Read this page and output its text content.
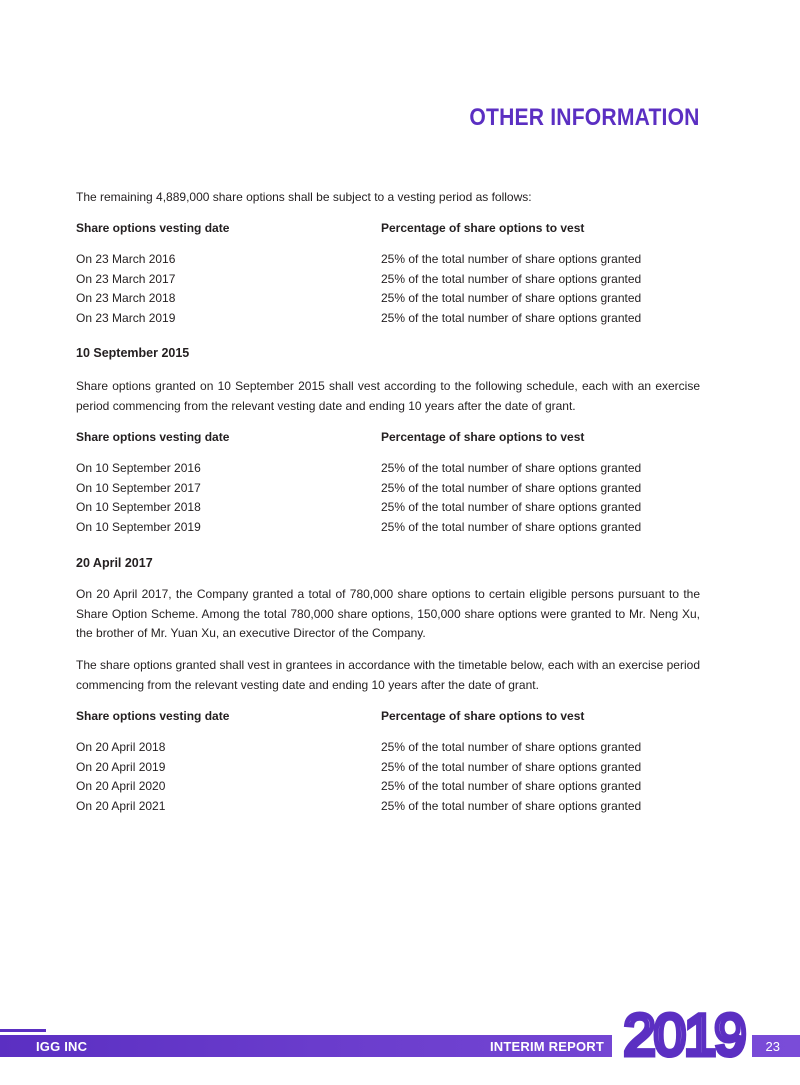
OTHER INFORMATION

The remaining 4,889,000 share options shall be subject to a vesting period as follows:

Share options vesting date	Percentage of share options to vest
On 23 March 2016	25% of the total number of share options granted
On 23 March 2017	25% of the total number of share options granted
On 23 March 2018	25% of the total number of share options granted
On 23 March 2019	25% of the total number of share options granted
10 September 2015

Share options granted on 10 September 2015 shall vest according to the following schedule, each with an exercise period commencing from the relevant vesting date and ending 10 years after the date of grant.

Share options vesting date	Percentage of share options to vest
On 10 September 2016	25% of the total number of share options granted
On 10 September 2017	25% of the total number of share options granted
On 10 September 2018	25% of the total number of share options granted
On 10 September 2019	25% of the total number of share options granted
20 April 2017

On 20 April 2017, the Company granted a total of 780,000 share options to certain eligible persons pursuant to the Share Option Scheme. Among the total 780,000 share options, 150,000 share options were granted to Mr. Neng Xu, the brother of Mr. Yuan Xu, an executive Director of the Company.

The share options granted shall vest in grantees in accordance with the timetable below, each with an exercise period commencing from the relevant vesting date and ending 10 years after the date of grant.

Share options vesting date	Percentage of share options to vest
On 20 April 2018	25% of the total number of share options granted
On 20 April 2019	25% of the total number of share options granted
On 20 April 2020	25% of the total number of share options granted
On 20 April 2021	25% of the total number of share options granted
IGG INC	INTERIM REPORT 2019 23
